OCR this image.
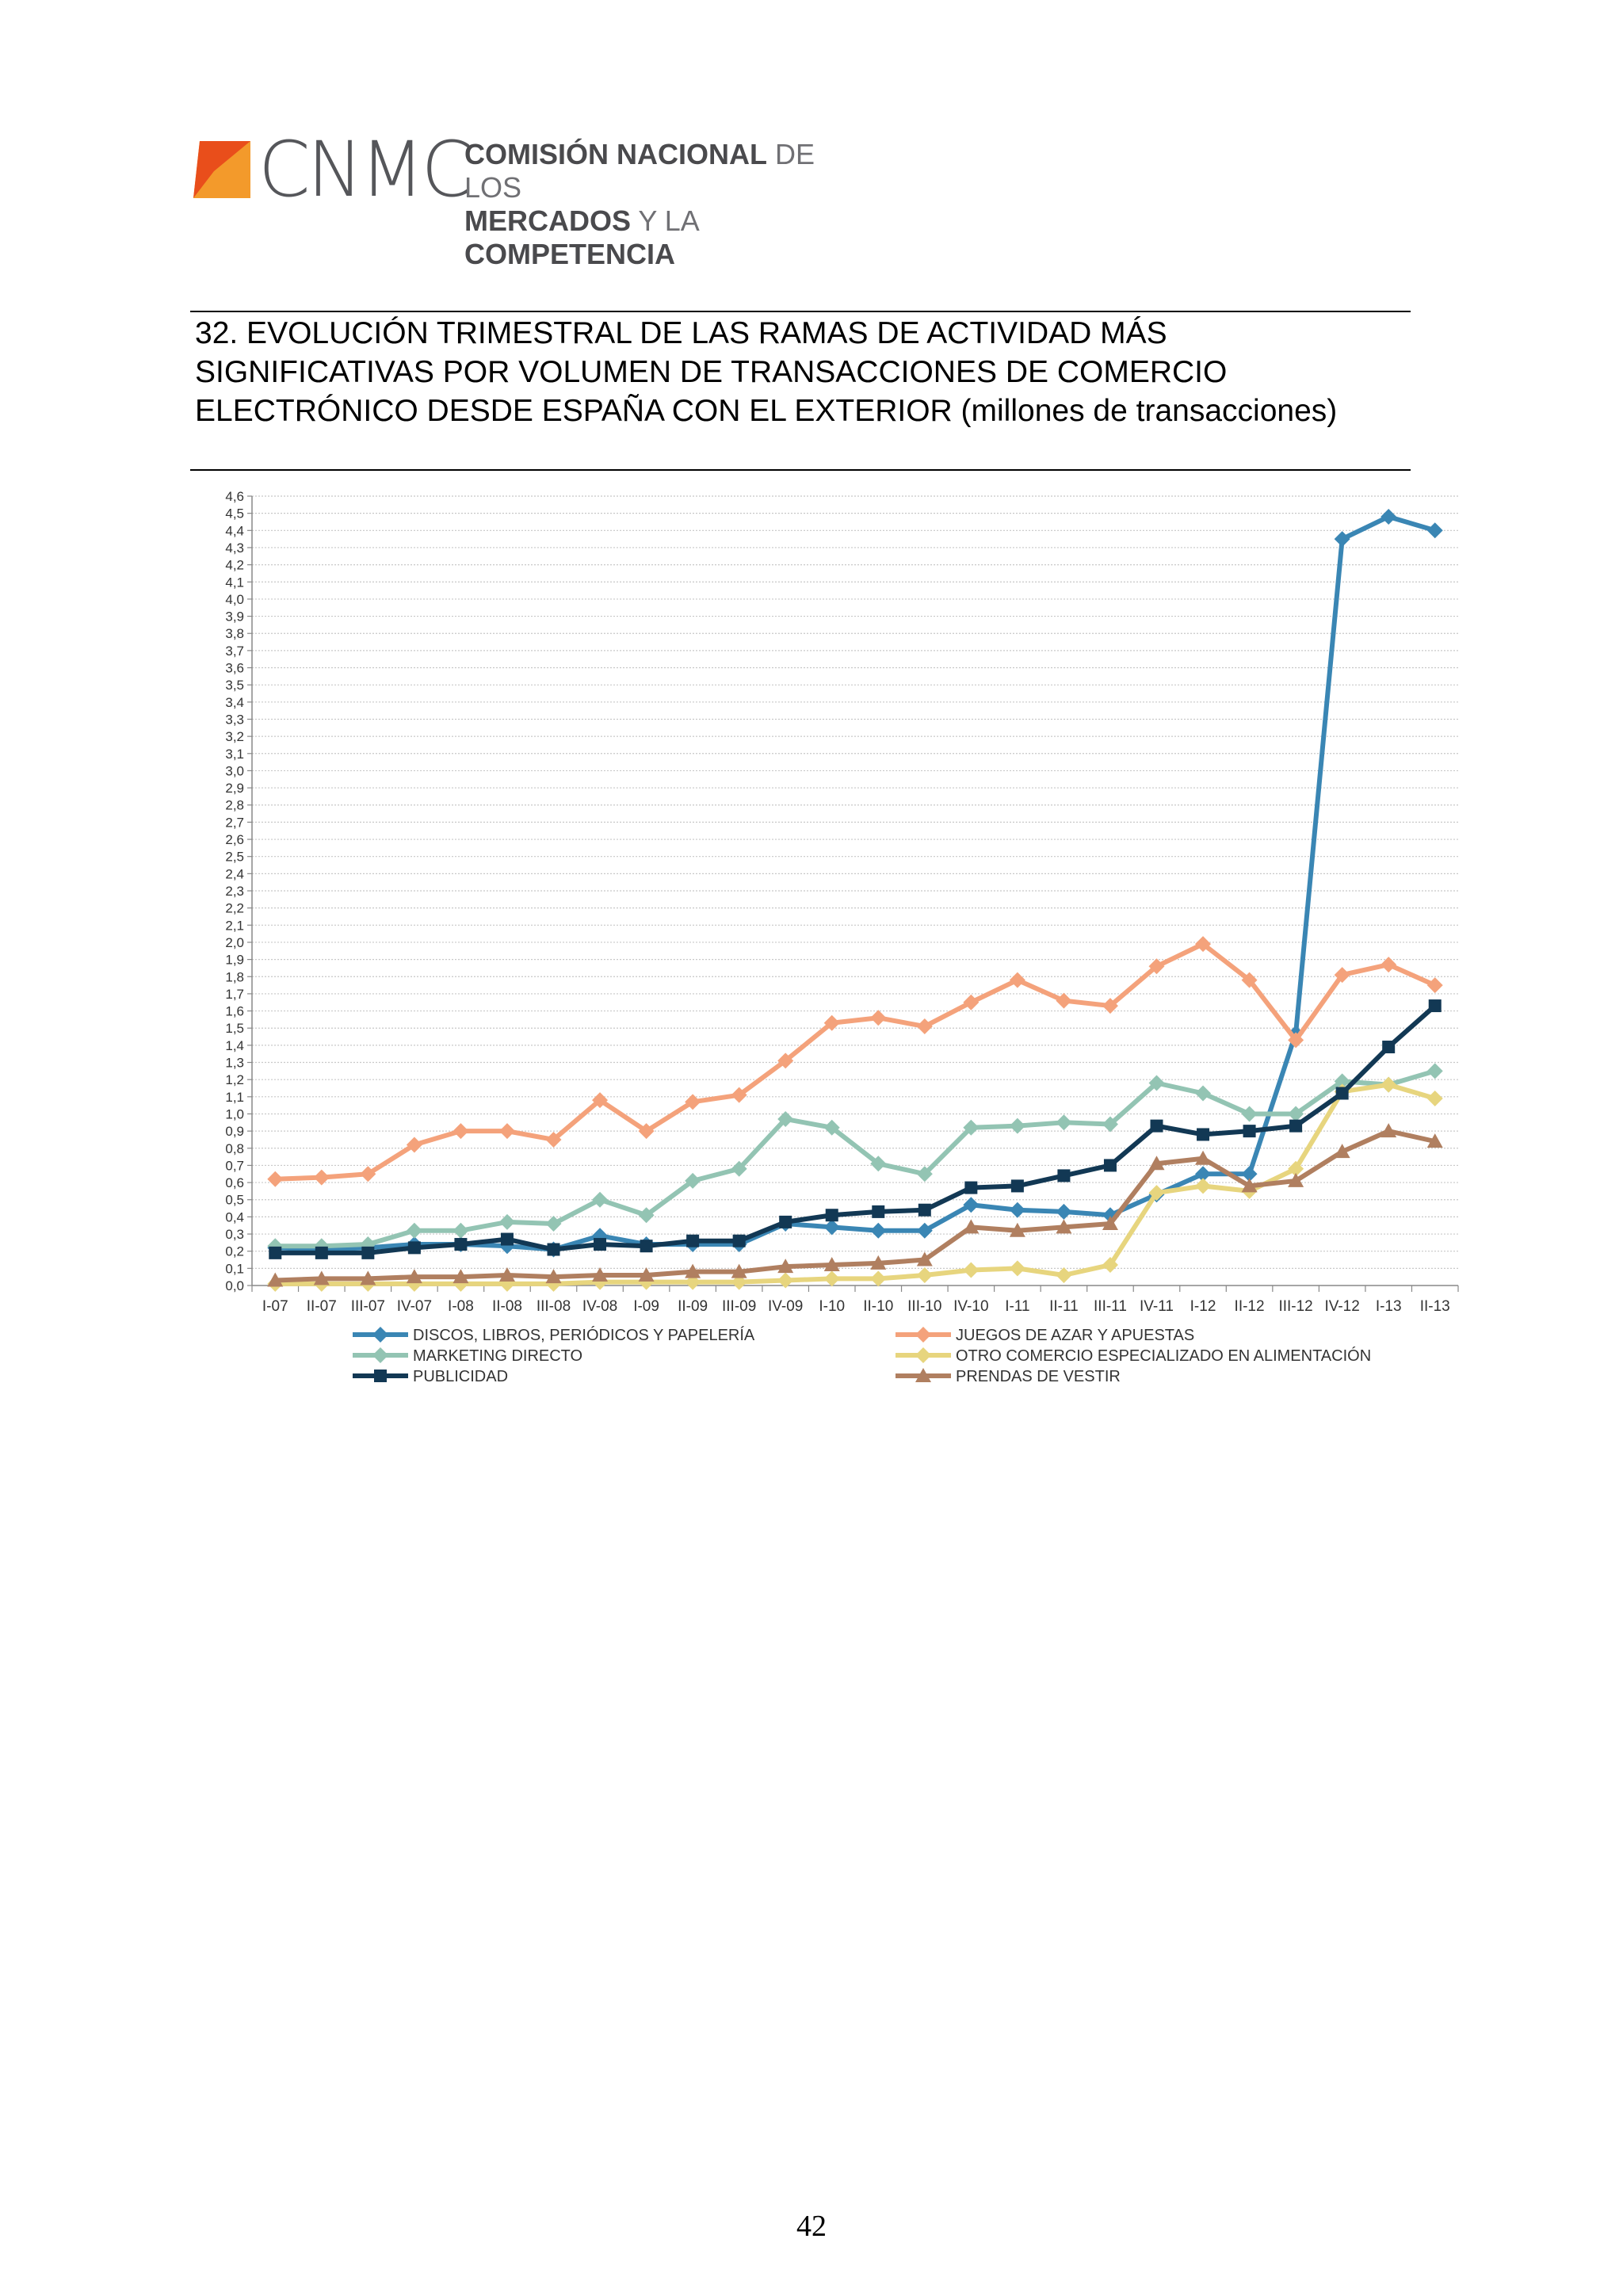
CNMC
COMISIÓN NACIONAL DE LOS
MERCADOS Y LA COMPETENCIA
32. EVOLUCIÓN TRIMESTRAL DE LAS RAMAS DE ACTIVIDAD MÁS SIGNIFICATIVAS POR VOLUMEN DE TRANSACCIONES DE COMERCIO ELECTRÓNICO DESDE ESPAÑA CON EL EXTERIOR (millones de transacciones)
0,0
0,1
0,2
0,3
0,4
0,5
0,6
0,7
0,8
0,9
1,0
1,1
1,2
1,3
1,4
1,5
1,6
1,7
1,8
1,9
2,0
2,1
2,2
2,3
2,4
2,5
2,6
2,7
2,8
2,9
3,0
3,1
3,2
3,3
3,4
3,5
3,6
3,7
3,8
3,9
4,0
4,1
4,2
4,3
4,4
4,5
4,6
I-07 II-07 III-07 IV-07 I-08 II-08 III-08 IV-08 I-09 II-09 III-09 IV-09 I-10 II-10 III-10 IV-10 I-11 II-11 III-11 IV-11 I-12 II-12 III-12 IV-12 I-13 II-13
DISCOS, LIBROS, PERIÓDICOS Y PAPELERÍA	JUEGOS DE AZAR Y APUESTAS
MARKETING DIRECTO	OTRO COMERCIO ESPECIALIZADO EN ALIMENTACIÓN
PUBLICIDAD	PRENDAS DE VESTIR
42
